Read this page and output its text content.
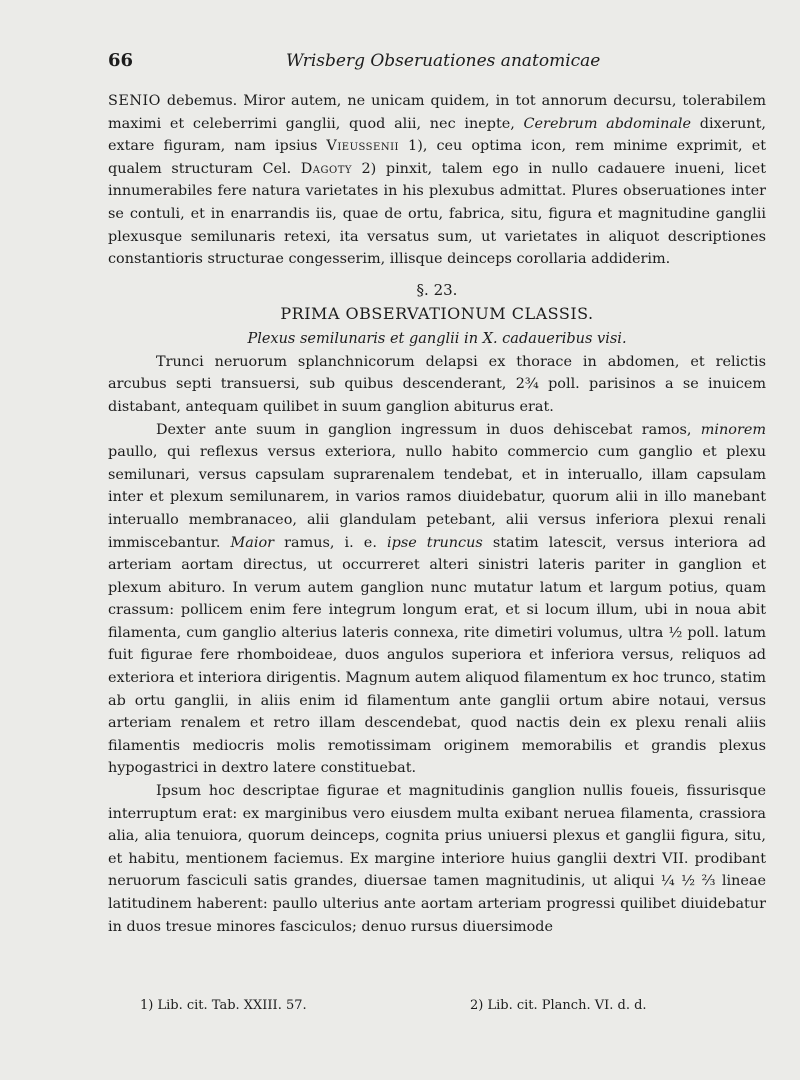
66	Wrisberg Obseruationes anatomicae

SENIO debemus. Miror autem, ne unicam quidem, in tot annorum decursu, tolerabilem maximi et celeberrimi ganglii, quod alii, nec inepte, Cerebrum abdominale dixerunt, extare figuram, nam ipsius Vieussenii 1), ceu optima icon, rem minime exprimit, et qualem structuram Cel. Dagoty 2) pinxit, talem ego in nullo cadauere inueni, licet innumerabiles fere natura varietates in his plexubus admittat. Plures obseruationes inter se contuli, et in enarrandis iis, quae de ortu, fabrica, situ, figura et magnitudine ganglii plexusque semilunaris retexi, ita versatus sum, ut varietates in aliquot descriptiones constantioris structurae congesserim, illisque deinceps corollaria addiderim.

§. 23.
PRIMA OBSERVATIONUM CLASSIS.
Plexus semilunaris et ganglii in X. cadaueribus visi.

Trunci neruorum splanchnicorum delapsi ex thorace in abdomen, et relictis arcubus septi transuersi, sub quibus descenderant, 2¾ poll. parisinos a se inuicem distabant, antequam quilibet in suum ganglion abiturus erat.

Dexter ante suum in ganglion ingressum in duos dehiscebat ramos, minorem paullo, qui reflexus versus exteriora, nullo habito commercio cum ganglio et plexu semilunari, versus capsulam suprarenalem tendebat, et in interuallo, illam capsulam inter et plexum semilunarem, in varios ramos diuidebatur, quorum alii in illo manebant interuallo membranaceo, alii glandulam petebant, alii versus inferiora plexui renali immiscebantur. Maior ramus, i. e. ipse truncus statim latescit, versus interiora ad arteriam aortam directus, ut occurreret alteri sinistri lateris pariter in ganglion et plexum abituro. In verum autem ganglion nunc mutatur latum et largum potius, quam crassum: pollicem enim fere integrum longum erat, et si locum illum, ubi in noua abit filamenta, cum ganglio alterius lateris connexa, rite dimetiri volumus, ultra ½ poll. latum fuit figurae fere rhomboideae, duos angulos superiora et inferiora versus, reliquos ad exteriora et interiora dirigentis. Magnum autem aliquod filamentum ex hoc trunco, statim ab ortu ganglii, in aliis enim id filamentum ante ganglii ortum abire notaui, versus arteriam renalem et retro illam descendebat, quod nactis dein ex plexu renali aliis filamentis mediocris molis remotissimam originem memorabilis et grandis plexus hypogastrici in dextro latere constituebat.

Ipsum hoc descriptae figurae et magnitudinis ganglion nullis foueis, fissurisque interruptum erat: ex marginibus vero eiusdem multa exibant neruea filamenta, crassiora alia, alia tenuiora, quorum deinceps, cognita prius uniuersi plexus et ganglii figura, situ, et habitu, mentionem faciemus. Ex margine interiore huius ganglii dextri VII. prodibant neruorum fasciculi satis grandes, diuersae tamen magnitudinis, ut aliqui ¼ ½ ⅔ lineae latitudinem haberent: paullo ulterius ante aortam arteriam progressi quilibet diuidebatur in duos tresue minores fasciculos; denuo rursus diuersimode

1) Lib. cit. Tab. XXIII. 57.	2) Lib. cit. Planch. VI. d. d.
